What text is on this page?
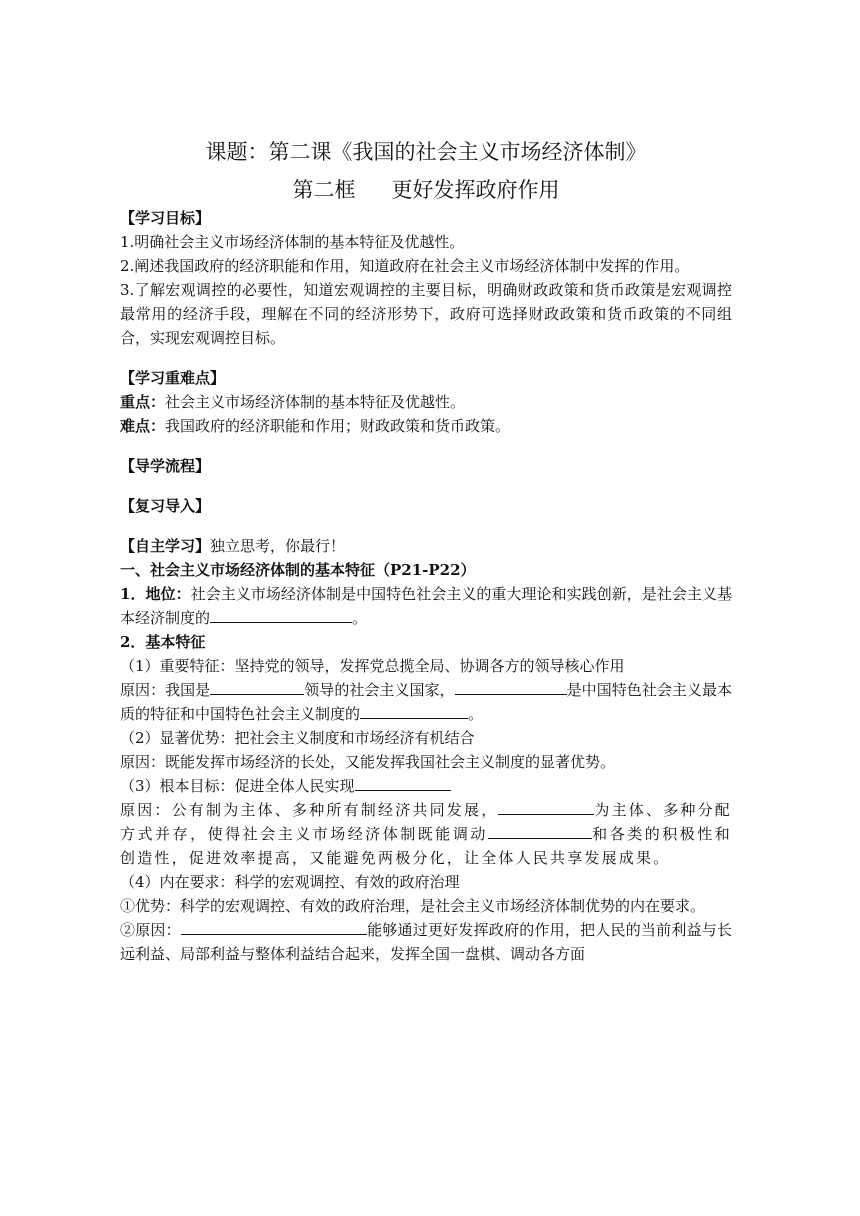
课题：第二课《我国的社会主义市场经济体制》
第二框 更好发挥政府作用

【学习目标】

1.明确社会主义市场经济体制的基本特征及优越性。

2.阐述我国政府的经济职能和作用，知道政府在社会主义市场经济体制中发挥的作用。

3.了解宏观调控的必要性，知道宏观调控的主要目标，明确财政政策和货币政策是宏观调控最常用的经济手段，理解在不同的经济形势下，政府可选择财政政策和货币政策的不同组合，实现宏观调控目标。

【学习重难点】

重点：社会主义市场经济体制的基本特征及优越性。

难点：我国政府的经济职能和作用；财政政策和货币政策。

【导学流程】

【复习导入】

【自主学习】独立思考，你最行！

一、社会主义市场经济体制的基本特征（P21-P22）

1．地位：社会主义市场经济体制是中国特色社会主义的重大理论和实践创新，是社会主义基本经济制度的	。

2．基本特征

（1）重要特征：坚持党的领导，发挥党总揽全局、协调各方的领导核心作用

原因：我国是	领导的社会主义国家，	是中国特色社会主义最本质的特征和中国特色社会主义制度的	。

（2）显著优势：把社会主义制度和市场经济有机结合

原因：既能发挥市场经济的长处，又能发挥我国社会主义制度的显著优势。

（3）根本目标：促进全体人民实现

原因：公有制为主体、多种所有制经济共同发展，	为主体、多种分配方式并存，使得社会主义市场经济体制既能调动	和各类的积极性和创造性，促进效率提高，又能避免两极分化，让全体人民共享发展成果。

（4）内在要求：科学的宏观调控、有效的政府治理

①优势：科学的宏观调控、有效的政府治理，是社会主义市场经济体制优势的内在要求。

②原因：	能够通过更好发挥政府的作用，把人民的当前利益与长远利益、局部利益与整体利益结合起来，发挥全国一盘棋、调动各方面
